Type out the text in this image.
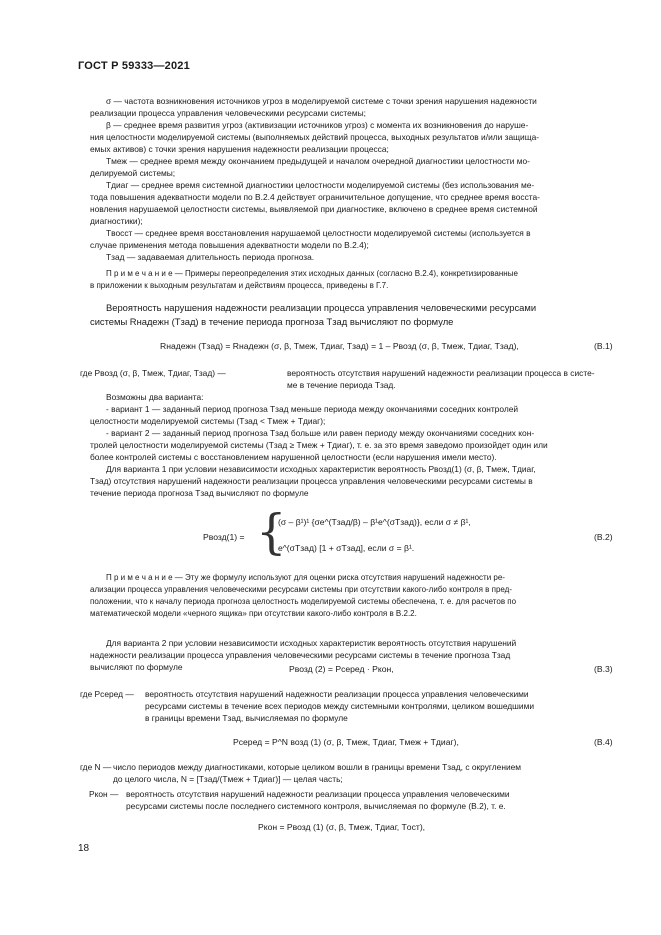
ГОСТ Р 59333—2021
σ — частота возникновения источников угроз в моделируемой системе с точки зрения нарушения надежности
реализации процесса управления человеческими ресурсами системы;
β — среднее время развития угроз (активизации источников угроз) с момента их возникновения до наруше-
ния целостности моделируемой системы (выполняемых действий процесса, выходных результатов и/или защища-
емых активов) с точки зрения нарушения надежности реализации процесса;
Tмеж — среднее время между окончанием предыдущей и началом очередной диагностики целостности мо-
делируемой системы;
Tдиаг — среднее время системной диагностики целостности моделируемой системы (без использования ме-
тода повышения адекватности модели по В.2.4 действует ограничительное допущение, что среднее время восста-
новления нарушаемой целостности системы, выявляемой при диагностике, включено в среднее время системной
диагностики);
Tвосст — среднее время восстановления нарушаемой целостности моделируемой системы (используется в
случае применения метода повышения адекватности модели по В.2.4);
Tзад — задаваемая длительность периода прогноза.
П р и м е ч а н и е — Примеры переопределения этих исходных данных (согласно В.2.4), конкретизированные
в приложении к выходным результатам и действиям процесса, приведены в Г.7.
Вероятность нарушения надежности реализации процесса управления человеческими ресурсами
системы Rнадежн (Tзад) в течение периода прогноза Tзад вычисляют по формуле
Rнадежн (Tзад) = Rнадежн (σ, β, Tмеж, Tдиаг, Tзад) = 1 – Pвозд (σ, β, Tмеж, Tдиаг, Tзад),	(В.1)
где Pвозд (σ, β, Tмеж, Tдиаг, Tзад) —	вероятность отсутствия нарушений надежности реализации процесса в систе-
ме в течение периода Tзад.
Возможны два варианта:
- вариант 1 — заданный период прогноза Tзад меньше периода между окончаниями соседних контролей
целостности моделируемой системы (Tзад < Tмеж + Tдиаг);
- вариант 2 — заданный период прогноза Tзад больше или равен периоду между окончаниями соседних кон-
тролей целостности моделируемой системы (Tзад ≥ Tмеж + Tдиаг), т. е. за это время заведомо произойдет один или
более контролей системы с восстановлением нарушенной целостности (если нарушения имели место).
Для варианта 1 при условии независимости исходных характеристик вероятность Pвозд(1) (σ, β, Tмеж, Tдиаг,
Tзад) отсутствия нарушений надежности реализации процесса управления человеческими ресурсами системы в
течение периода прогноза Tзад вычисляют по формуле
Pвозд(1) = {
(σ – β¹)¹ {σe^(Tзад/β) – β¹e^(σTзад)}, если σ ≠ β¹,
e^(σTзад) [1 + σTзад], если σ = β¹.
(В.2)
П р и м е ч а н и е — Эту же формулу используют для оценки риска отсутствия нарушений надежности ре-
ализации процесса управления человеческими ресурсами системы при отсутствии какого-либо контроля в пред-
положении, что к началу периода прогноза целостность моделируемой системы обеспечена, т. е. для расчетов по
математической модели «черного ящика» при отсутствии какого-либо контроля в В.2.2.
Для варианта 2 при условии независимости исходных характеристик вероятность отсутствия нарушений
надежности реализации процесса управления человеческими ресурсами системы в течение прогноза Tзад
вычисляют по формуле	Pвозд (2) = Pсеред · Pкон,	(В.3)
где Pсеред — вероятность отсутствия нарушений надежности реализации процесса управления человеческими
ресурсами системы в течение всех периодов между системными контролями, целиком вошедшими
в границы времени Tзад, вычисляемая по формуле
Pсеред = P^N возд (1) (σ, β, Tмеж, Tдиаг, Tмеж + Tдиаг),	(В.4)
где N — число периодов между диагностиками, которые целиком вошли в границы времени Tзад, с округлением
до целого числа, N = [Tзад/(Tмеж + Tдиаг)] — целая часть;
Pкон — вероятность отсутствия нарушений надежности реализации процесса управления человеческими
ресурсами системы после последнего системного контроля, вычисляемая по формуле (В.2), т. е.
Pкон = Pвозд (1) (σ, β, Tмеж, Tдиаг, Tост),
18
